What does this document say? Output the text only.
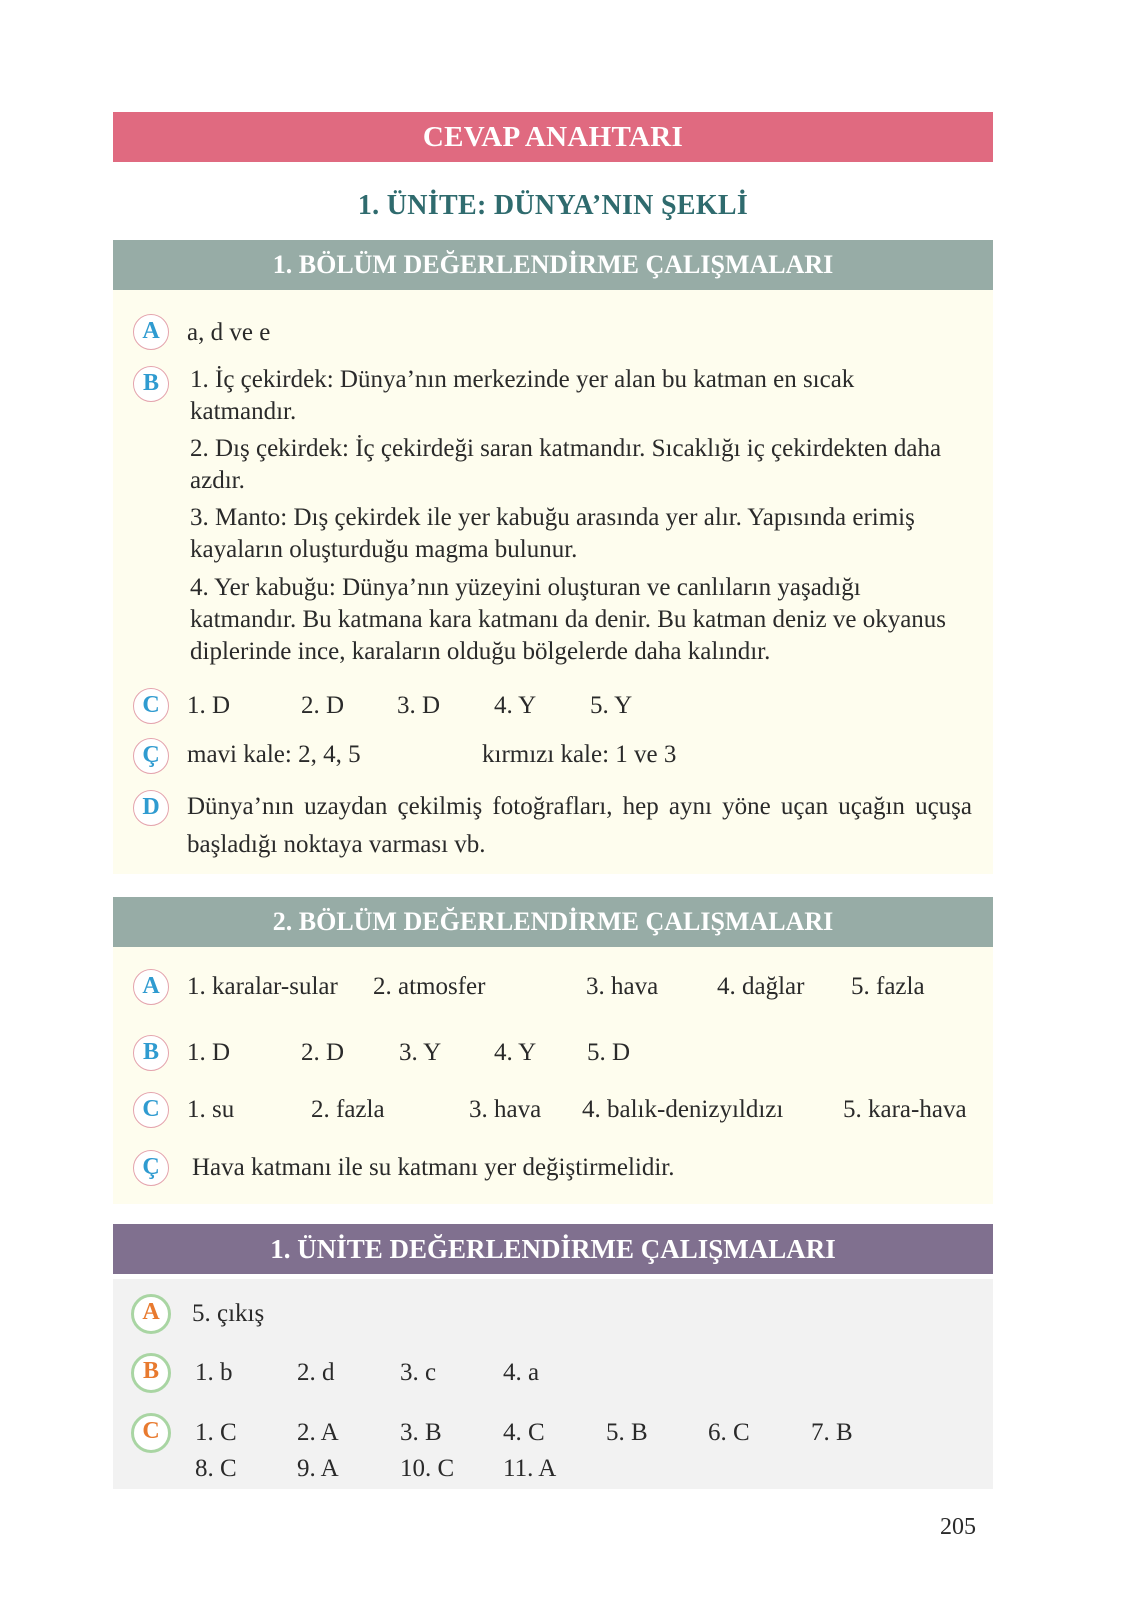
CEVAP ANAHTARI
1. ÜNİTE: DÜNYA’NIN ŞEKLİ
1. BÖLÜM DEĞERLENDİRME ÇALIŞMALARI
A	a, d ve e
B	1. İç çekirdek: Dünya’nın merkezinde yer alan bu katman en sıcak katmandır.
2. Dış çekirdek: İç çekirdeği saran katmandır. Sıcaklığı iç çekirdekten daha azdır.
3. Manto: Dış çekirdek ile yer kabuğu arasında yer alır. Yapısında erimiş kayaların oluşturduğu magma bulunur.
4. Yer kabuğu: Dünya’nın yüzeyini oluşturan ve canlıların yaşadığı katmandır. Bu katmana kara katmanı da denir. Bu katman deniz ve okyanus diplerinde ince, karaların olduğu bölgelerde daha kalındır.
C	1. D	2. D 3. D 4. Y 5. Y
Ç	mavi kale: 2, 4, 5	kırmızı kale: 1 ve 3
D	Dünya’nın uzaydan çekilmiş fotoğrafları, hep aynı yöne uçan uçağın uçuşa başladığı noktaya varması vb.
2. BÖLÜM DEĞERLENDİRME ÇALIŞMALARI
A	1. karalar-sular 2. atmosfer	3. hava 4. dağlar 5. fazla
B	1. D	2. D 3. Y 4. Y 5. D
C	1. su	2. fazla	3. hava 4. balık-denizyıldızı 5. kara-hava
Ç	Hava katmanı ile su katmanı yer değiştirmelidir.
1. ÜNİTE DEĞERLENDİRME ÇALIŞMALARI
A	5. çıkış
B	1. b	2. d	3. c	4. a
C	1. C 2. A 3. B 4. C 5. B 6. C 7. B
8. C 9. A 10. C 11. A
205
